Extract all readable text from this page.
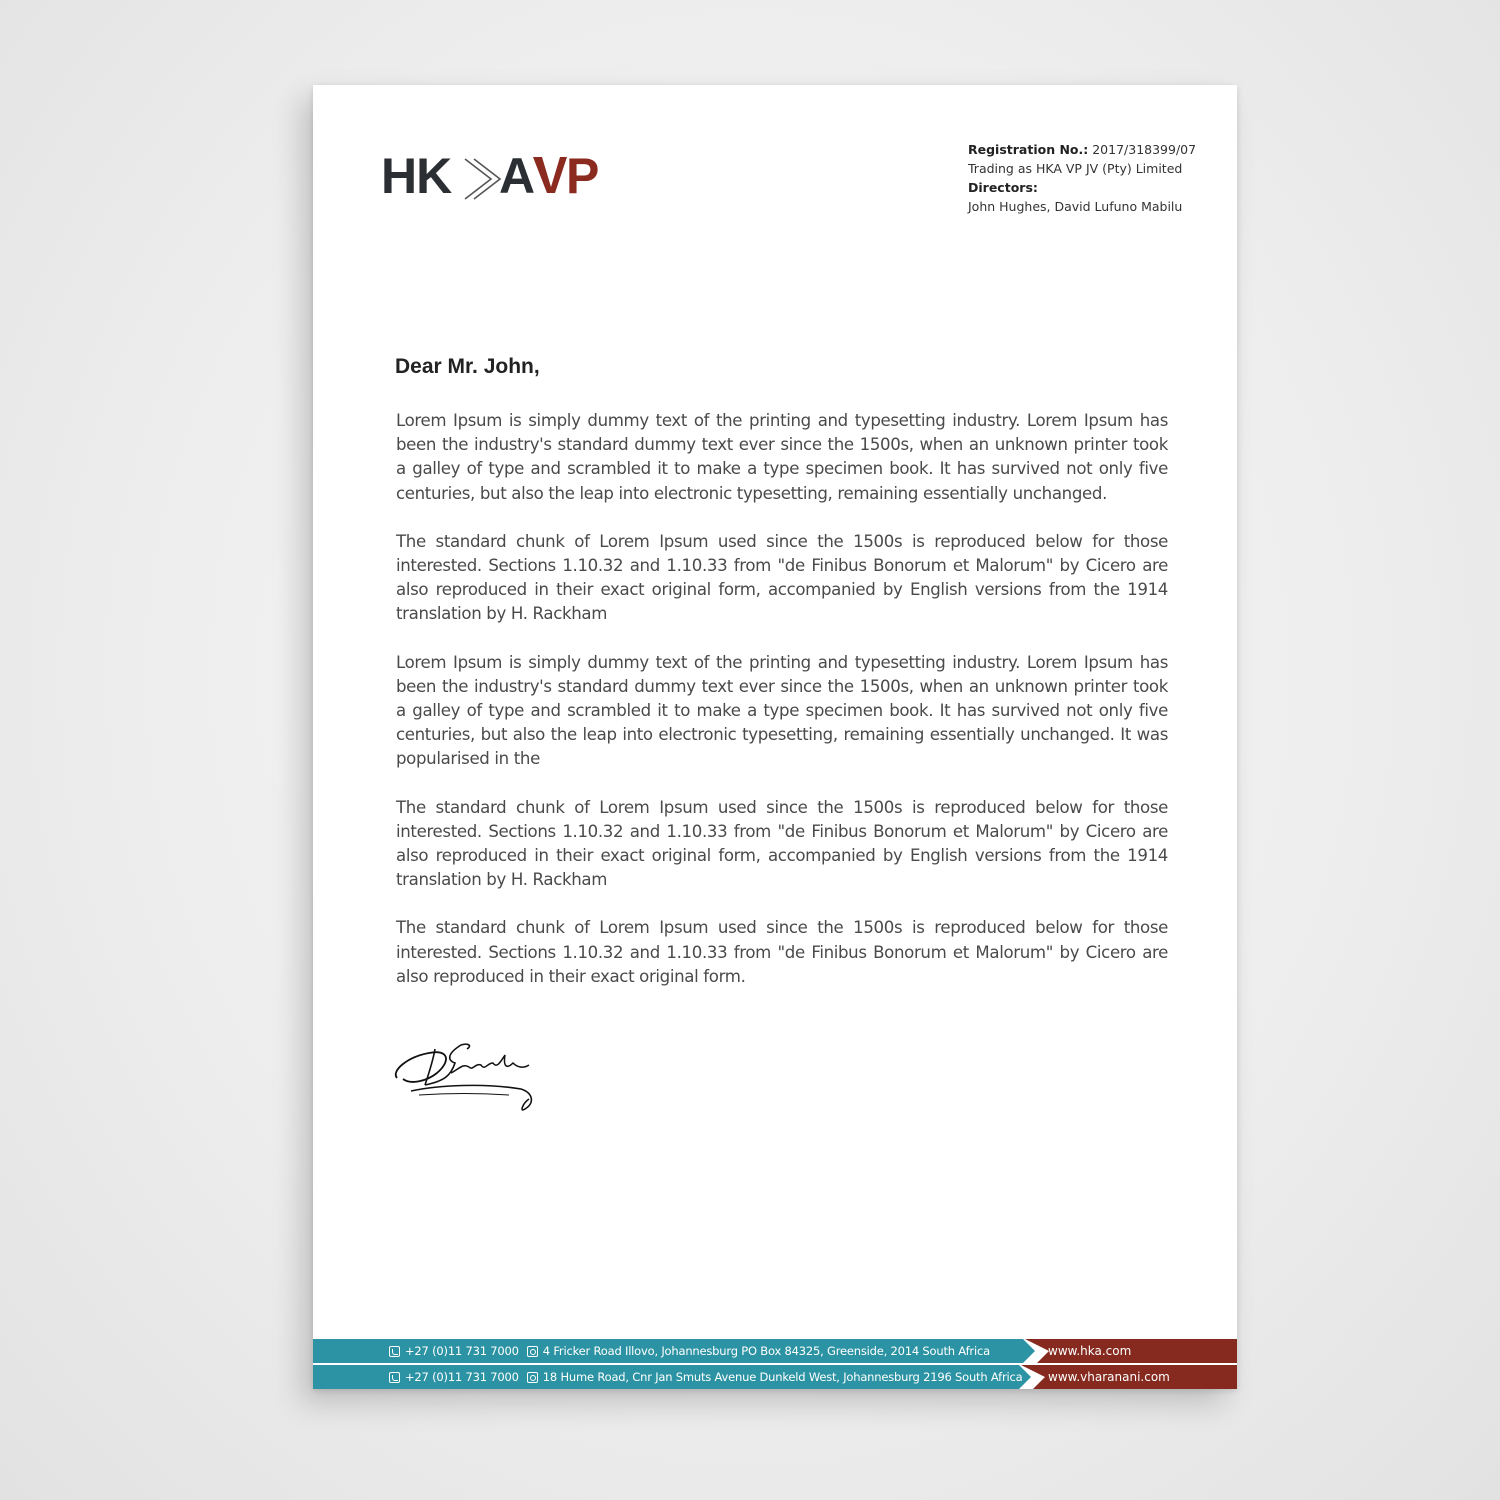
HK A P	Registration No.: 2017/318399/07
Trading as HKA VP JV (Pty) Limited
Directors:
John Hughes, David Lufuno Mabilu
Dear Mr. John,

Lorem Ipsum is simply dummy text of the printing and typesetting industry. Lorem Ipsum has been the industry's standard dummy text ever since the 1500s, when an unknown printer took a galley of type and scrambled it to make a type specimen book. It has survived not only five centuries, but also the leap into electronic typesetting, remaining essentially unchanged.

The standard chunk of Lorem Ipsum used since the 1500s is reproduced below for those interested. Sections 1.10.32 and 1.10.33 from "de Finibus Bonorum et Malorum" by Cicero are also reproduced in their exact original form, accompanied by English versions from the 1914 translation by H. Rackham

Lorem Ipsum is simply dummy text of the printing and typesetting industry. Lorem Ipsum has been the industry's standard dummy text ever since the 1500s, when an unknown printer took a galley of type and scrambled it to make a type specimen book. It has survived not only five centuries, but also the leap into electronic typesetting, remaining essentially unchanged. It was popularised in the

The standard chunk of Lorem Ipsum used since the 1500s is reproduced below for those interested. Sections 1.10.32 and 1.10.33 from "de Finibus Bonorum et Malorum" by Cicero are also reproduced in their exact original form, accompanied by English versions from the 1914 translation by H. Rackham

The standard chunk of Lorem Ipsum used since the 1500s is reproduced below for those interested. Sections 1.10.32 and 1.10.33 from "de Finibus Bonorum et Malorum" by Cicero are also reproduced in their exact original form.

+27 (0)11 731 7000 4 Fricker Road Illovo, Johannesburg PO Box 84325, Greenside, 2014 South Africa	www.hka.com
+27 (0)11 731 7000 18 Hume Road, Cnr Jan Smuts Avenue Dunkeld West, Johannesburg 2196 South Africa www.vharanani.com
